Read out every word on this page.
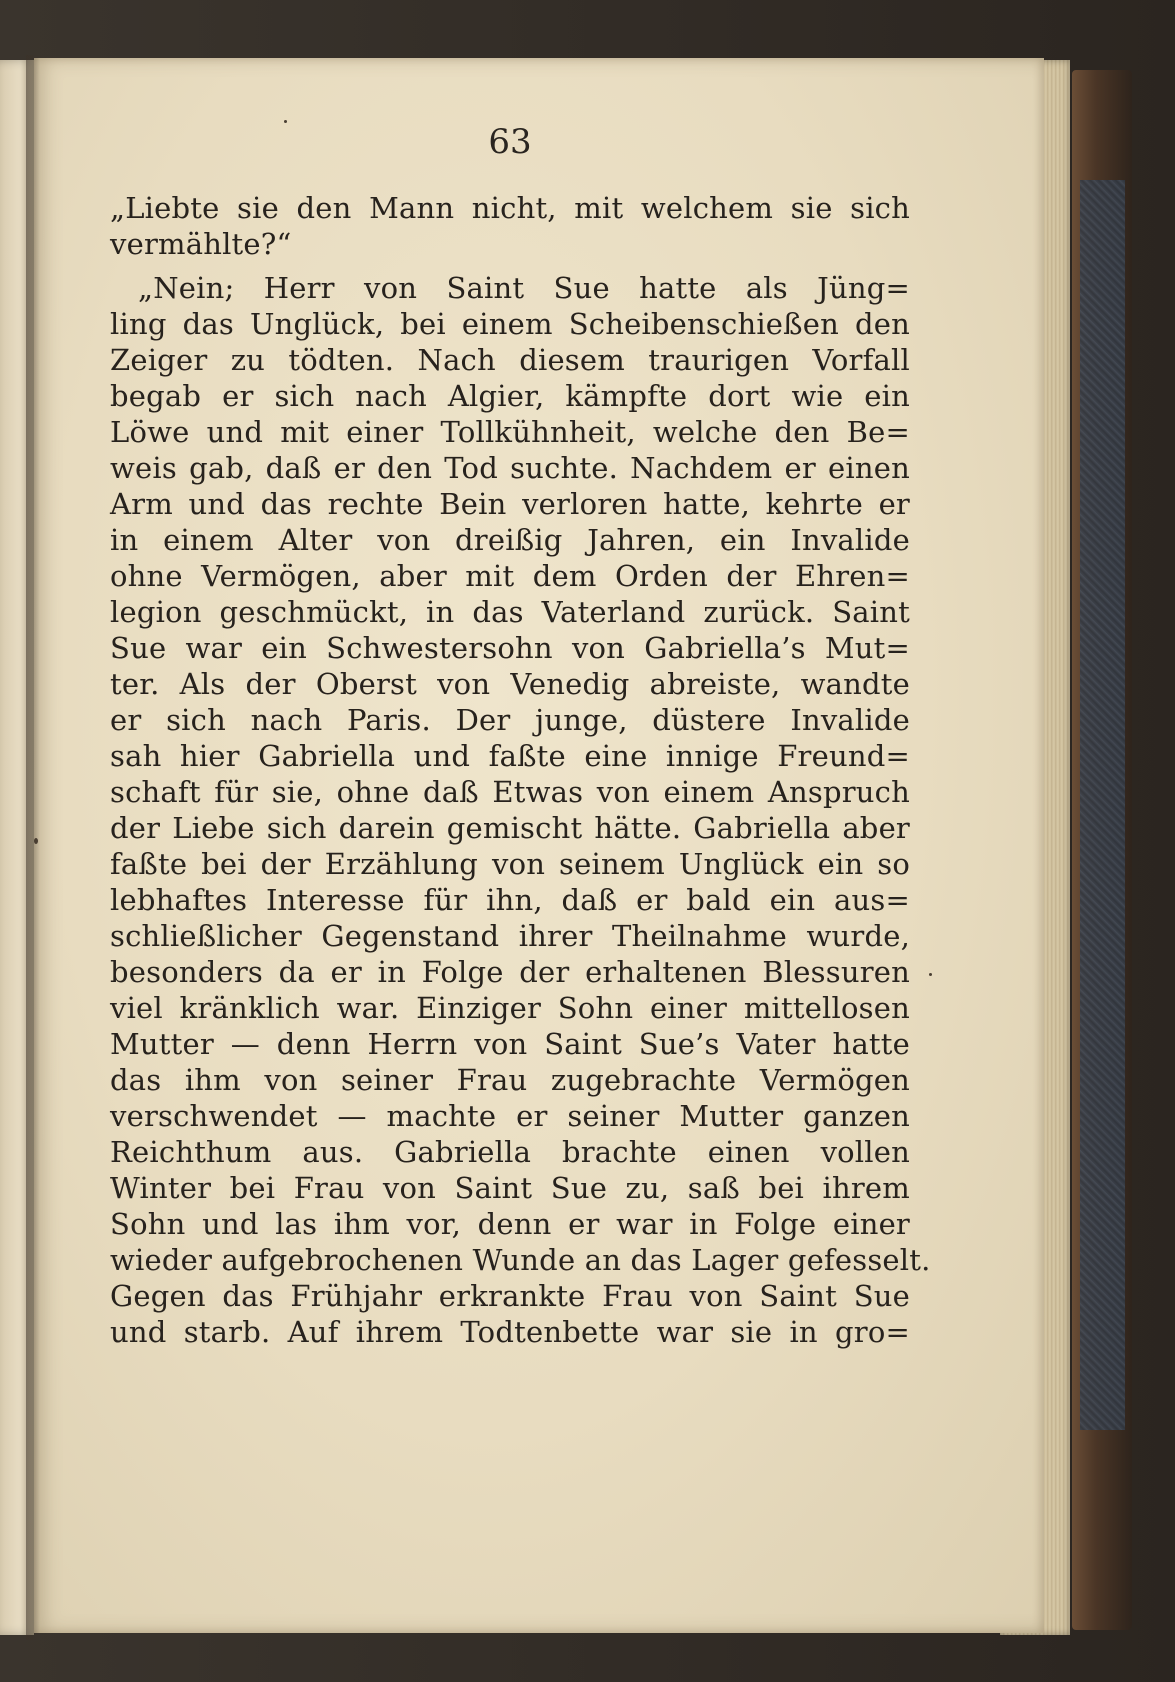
63
„Liebte sie den Mann nicht, mit welchem sie sich
vermählte?“
„Nein; Herr von Saint Sue hatte als Jüng=
ling das Unglück, bei einem Scheibenschießen den
Zeiger zu tödten. Nach diesem traurigen Vorfall
begab er sich nach Algier, kämpfte dort wie ein
Löwe und mit einer Tollkühnheit, welche den Be=
weis gab, daß er den Tod suchte. Nachdem er einen
Arm und das rechte Bein verloren hatte, kehrte er
in einem Alter von dreißig Jahren, ein Invalide
ohne Vermögen, aber mit dem Orden der Ehren=
legion geschmückt, in das Vaterland zurück. Saint
Sue war ein Schwestersohn von Gabriella’s Mut=
ter. Als der Oberst von Venedig abreiste, wandte
er sich nach Paris. Der junge, düstere Invalide
sah hier Gabriella und faßte eine innige Freund=
schaft für sie, ohne daß Etwas von einem Anspruch
der Liebe sich darein gemischt hätte. Gabriella aber
faßte bei der Erzählung von seinem Unglück ein so
lebhaftes Interesse für ihn, daß er bald ein aus=
schließlicher Gegenstand ihrer Theilnahme wurde,
besonders da er in Folge der erhaltenen Blessuren
viel kränklich war. Einziger Sohn einer mittellosen
Mutter — denn Herrn von Saint Sue’s Vater hatte
das ihm von seiner Frau zugebrachte Vermögen
verschwendet — machte er seiner Mutter ganzen
Reichthum aus. Gabriella brachte einen vollen
Winter bei Frau von Saint Sue zu, saß bei ihrem
Sohn und las ihm vor, denn er war in Folge einer
wieder aufgebrochenen Wunde an das Lager gefesselt.
Gegen das Frühjahr erkrankte Frau von Saint Sue
und starb. Auf ihrem Todtenbette war sie in gro=
